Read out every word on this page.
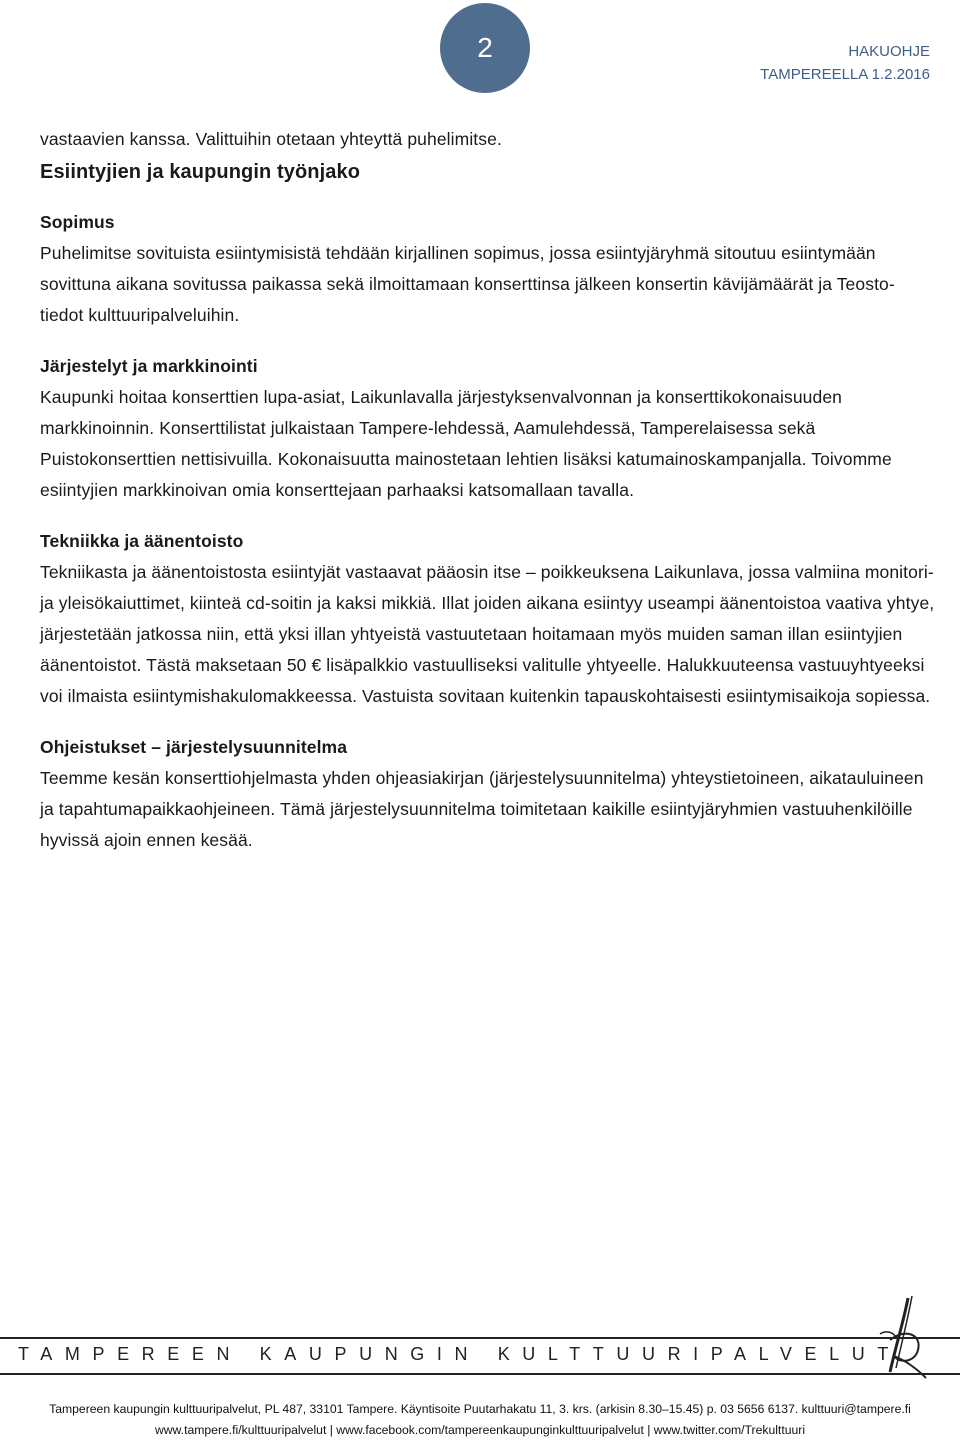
2	HAKUOHJE
TAMPEREELLA 1.2.2016

vastaavien kanssa. Valittuihin otetaan yhteyttä puhelimitse.

Esiintyjien ja kaupungin työnjako

Sopimus

Puhelimitse sovituista esiintymisistä tehdään kirjallinen sopimus, jossa esiintyjäryhmä sitoutuu esiintymään sovittuna aikana sovitussa paikassa sekä ilmoittamaan konserttinsa jälkeen konsertin kävijämäärät ja Teosto-tiedot kulttuuripalveluihin.

Järjestelyt ja markkinointi

Kaupunki hoitaa konserttien lupa-asiat, Laikunlavalla järjestyksenvalvonnan ja konserttikokonaisuuden markkinoinnin. Konserttilistat julkaistaan Tampere-lehdessä, Aamulehdessä, Tamperelaisessa sekä Puistokonserttien nettisivuilla. Kokonaisuutta mainostetaan lehtien lisäksi katumainoskampanjalla. Toivomme esiintyjien markkinoivan omia konserttejaan parhaaksi katsomallaan tavalla.

Tekniikka ja äänentoisto

Tekniikasta ja äänentoistosta esiintyjät vastaavat pääosin itse – poikkeuksena Laikunlava, jossa valmiina monitori- ja yleisökaiuttimet, kiinteä cd-soitin ja kaksi mikkiä. Illat joiden aikana esiintyy useampi äänentoistoa vaativa yhtye, järjestetään jatkossa niin, että yksi illan yhtyeistä vastuutetaan hoitamaan myös muiden saman illan esiintyjien äänentoistot. Tästä maksetaan 50 € lisäpalkkio vastuulliseksi valitulle yhtyeelle. Halukkuuteensa vastuuyhtyeeksi voi ilmaista esiintymishakulomakkeessa. Vastuista sovitaan kuitenkin tapauskohtaisesti esiintymisaikoja sopiessa.

Ohjeistukset – järjestelysuunnitelma

Teemme kesän konserttiohjelmasta yhden ohjeasiakirjan (järjestelysuunnitelma) yhteystietoineen, aikatauluineen ja tapahtumapaikkaohjeineen. Tämä järjestelysuunnitelma toimitetaan kaikille esiintyjäryhmien vastuuhenkilöille hyvissä ajoin ennen kesää.

TAMPEREEN KAUPUNGIN KULTTUURIPALVELUT
Tampereen kaupungin kulttuuripalvelut, PL 487, 33101 Tampere. Käyntisoite Puutarhakatu 11, 3. krs. (arkisin 8.30–15.45) p. 03 5656 6137. kulttuuri@tampere.fi
www.tampere.fi/kulttuuripalvelut | www.facebook.com/tampereenkaupunginkulttuuripalvelut | www.twitter.com/Trekulttuuri
